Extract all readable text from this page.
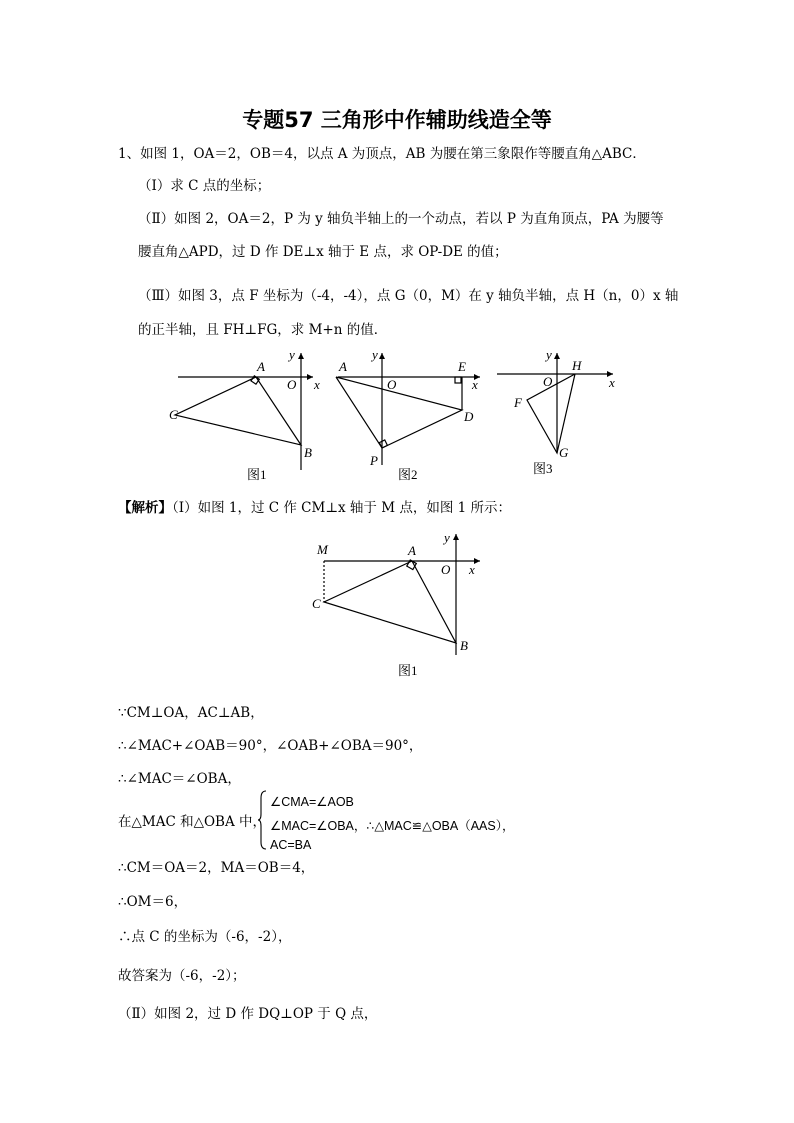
专题57 三角形中作辅助线造全等
1、如图 1，OA＝2，OB＝4，以点 A 为顶点，AB 为腰在第三象限作等腰直角△ABC．
（Ⅰ）求 C 点的坐标；
（Ⅱ）如图 2，OA＝2，P 为 y 轴负半轴上的一个动点，若以 P 为直角顶点，PA 为腰等
腰直角△APD，过 D 作 DE⊥x 轴于 E 点，求 OP-DE 的值；
（Ⅲ）如图 3，点 F 坐标为（-4，-4），点 G（0，M）在 y 轴负半轴，点 H（n，0）x 轴
的正半轴，且 FH⊥FG，求 M+n 的值．
y
x
A
O
C
B
图1
y
x
A
O
E
D
P
图2
y
x
O
H
F
G
图3
【解析】（Ⅰ）如图 1，过 C 作 CM⊥x 轴于 M 点，如图 1 所示：
M	A
y
O x
C
B
图1
∵CM⊥OA，AC⊥AB，
∴∠MAC+∠OAB＝90°，∠OAB+∠OBA＝90°，
∴∠MAC＝∠OBA，
在△MAC 和△OBA 中，
∠CMA=∠AOB
∠MAC=∠OBA，∴△MAC≌△OBA（AAS），
AC=BA
∴CM＝OA＝2，MA＝OB＝4，
∴OM＝6，
∴点 C 的坐标为（-6，-2），
故答案为（-6，-2）；
（Ⅱ）如图 2，过 D 作 DQ⊥OP 于 Q 点，
